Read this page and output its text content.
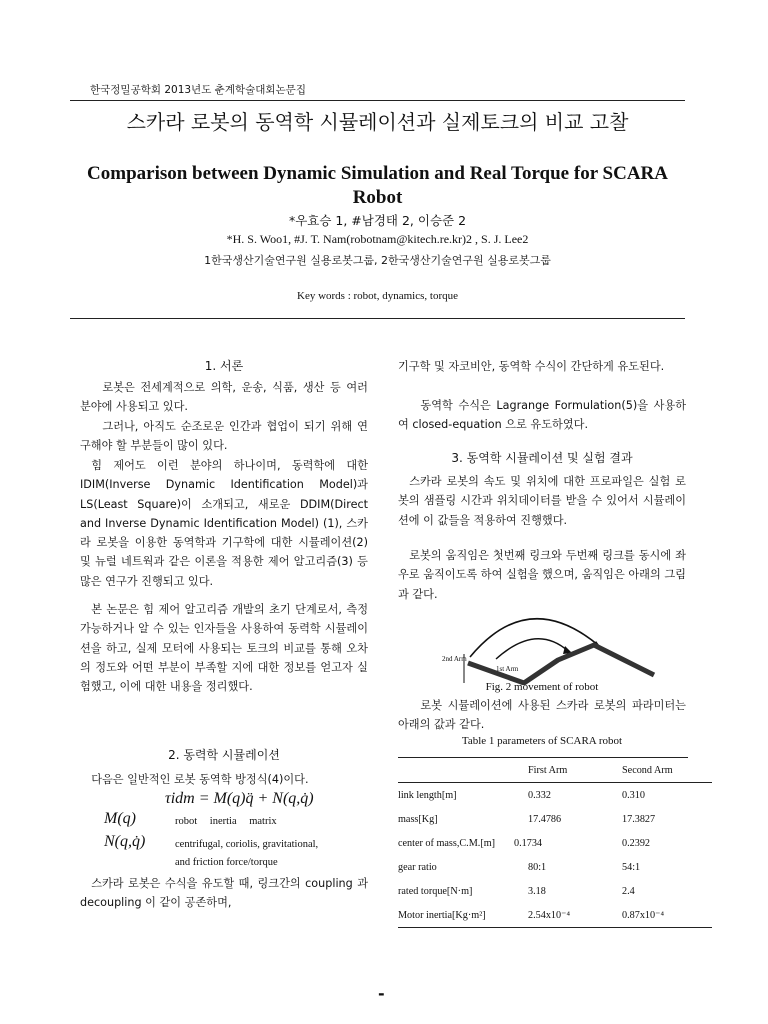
한국정밀공학회 2013년도 춘계학술대회논문집
스카라 로봇의 동역학 시뮬레이션과 실제토크의 비교 고찰
Comparison between Dynamic Simulation and Real Torque for SCARA Robot
*우효승 1, #남경태 2, 이승준 2
*H. S. Woo1, #J. T. Nam(robotnam@kitech.re.kr)2 , S. J. Lee2
1한국생산기술연구원 실용로봇그룹, 2한국생산기술연구원 실용로봇그룹
Key words : robot, dynamics, torque
1. 서론

로봇은 전세계적으로 의학, 운송, 식품, 생산 등 여러 분야에 사용되고 있다.

그러나, 아직도 순조로운 인간과 협업이 되기 위해 연구해야 할 부분들이 많이 있다.

힘 제어도 이런 분야의 하나이며, 동력학에 대한 IDIM(Inverse Dynamic Identification Model)과 LS(Least Square)이 소개되고, 새로운 DDIM(Direct and Inverse Dynamic Identification Model) (1), 스카라 로봇을 이용한 동역학과 기구학에 대한 시뮬레이션(2) 및 뉴럴 네트웍과 같은 이론을 적용한 제어 알고리즘(3) 등 많은 연구가 진행되고 있다.

본 논문은 힘 제어 알고리즘 개발의 초기 단계로서, 측정 가능하거나 알 수 있는 인자들을 사용하여 동력학 시뮬레이션을 하고, 실제 모터에 사용되는 토크의 비교를 통해 오차의 정도와 어떤 부분이 부족할 지에 대한 정보를 얻고자 실험했고, 이에 대한 내용을 정리했다.

2. 동력학 시뮬레이션

다음은 일반적인 로봇 동역학 방정식(4)이다.

τidm = M(q)q̈ + N(q,q̇)
M(q)	robot inertia matrix
N(q,q̇)	centrifugal, coriolis, gravitational,
and friction force/torque

스카라 로봇은 수식을 유도할 때, 링크간의 coupling 과 decoupling 이 같이 공존하며,

기구학 및 자코비안, 동역학 수식이 간단하게 유도된다.

동역학 수식은 Lagrange Formulation(5)을 사용하여 closed-equation 으로 유도하였다.

3. 동역학 시뮬레이션 및 실험 결과

스카라 로봇의 속도 및 위치에 대한 프로파일은 실험 로봇의 샘플링 시간과 위치데이터를 받을 수 있어서 시뮬레이션에 이 값들을 적용하여 진행했다.

로봇의 움직임은 첫번째 링크와 두번째 링크를 동시에 좌우로 움직이도록 하여 실험을 했으며, 움직임은 아래의 그림과 같다.

2nd Arm
1st Arm
Fig. 2 movement of robot

로봇 시뮬레이션에 사용된 스카라 로봇의 파라미터는 아래의 값과 같다.

Table 1 parameters of SCARA robot
	First Arm	Second Arm
link length[m]	0.332	0.310
mass[Kg]	17.4786	17.3827
center of mass,C.M.[m]	0.1734	0.2392
gear ratio	80:1	54:1
rated torque[N·m]	3.18	2.4
Motor inertia[Kg·m²]	2.54x10⁻⁴	0.87x10⁻⁴
-
